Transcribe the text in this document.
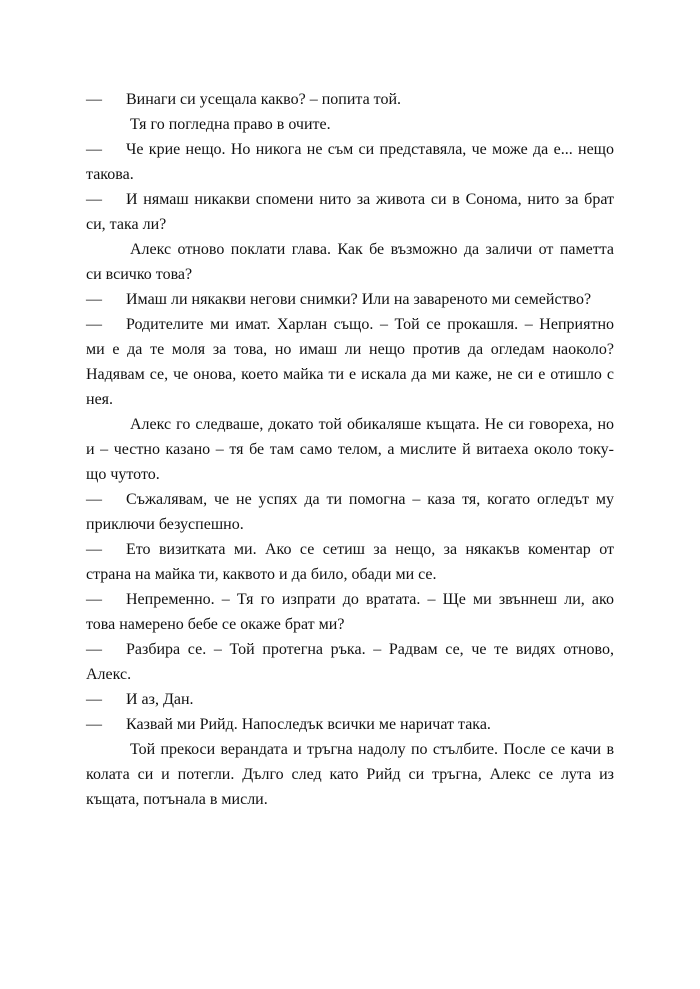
— Винаги си усещала какво? – попита той.
Тя го погледна право в очите.
— Че крие нещо. Но никога не съм си представяла, че може да е... нещо
такова.
— И нямаш никакви спомени нито за живота си в Сонома, нито за брат
си, така ли?
Алекс отново поклати глава. Как бе възможно да заличи от паметта
си всичко това?
— Имаш ли някакви негови снимки? Или на завареното ми семейство?
— Родителите ми имат. Харлан също. – Той се прокашля. – Неприятно
ми е да те моля за това, но имаш ли нещо против да огледам наоколо?
Надявам се, че онова, което майка ти е искала да ми каже, не си е отишло с
нея.
Алекс го следваше, докато той обикаляше къщата. Не си говореха, но
и – честно казано – тя бе там само телом, а мислите й витаеха около току-
що чутото.
— Съжалявам, че не успях да ти помогна – каза тя, когато огледът му
приключи безуспешно.
— Ето визитката ми. Ако се сетиш за нещо, за някакъв коментар от
страна на майка ти, каквото и да било, обади ми се.
— Непременно. – Тя го изпрати до вратата. – Ще ми звъннеш ли, ако
това намерено бебе се окаже брат ми?
— Разбира се. – Той протегна ръка. – Радвам се, че те видях отново,
Алекс.
— И аз, Дан.
— Казвай ми Рийд. Напоследък всички ме наричат така.
Той прекоси верандата и тръгна надолу по стълбите. После се качи в
колата си и потегли. Дълго след като Рийд си тръгна, Алекс се лута из
къщата, потънала в мисли.
